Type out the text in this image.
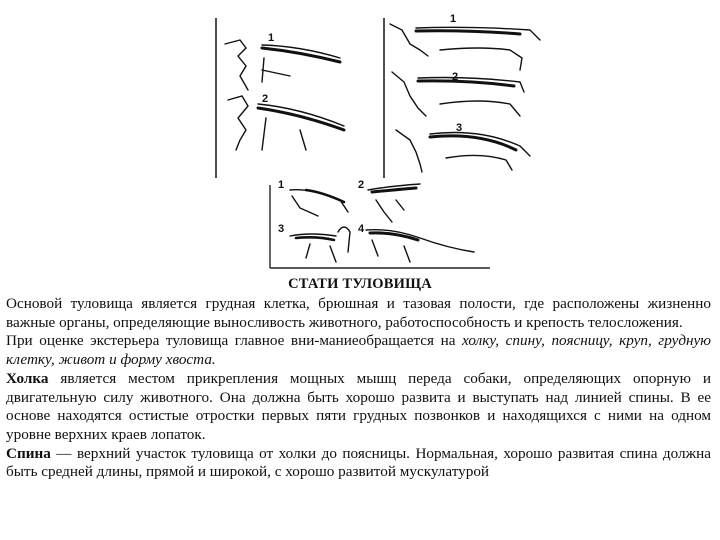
1
2
1
2
3
1	2
3	4
СТАТИ ТУЛОВИЩА

Основой туловища является грудная клетка, брюшная и тазовая полости, где расположены жизненно важные органы, определяющие выносливость животного, работоспособность и крепость телосложения.

При оценке экстерьера туловища главное вни-маниеобращается на холку, спину, поясницу, круп, грудную клетку, живот и форму хвоста.

Холка является местом прикрепления мощных мышц переда собаки, определяющих опорную и двигательную силу животного. Она должна быть хорошо развита и выступать над линией спины. В ее основе находятся остистые отростки первых пяти грудных позвонков и находящихся с ними на одном уровне верхних краев лопаток.

Спина — верхний участок туловища от холки до поясницы. Нормальная, хорошо развитая спина должна быть средней длины, прямой и широкой, с хорошо развитой мускулатурой
